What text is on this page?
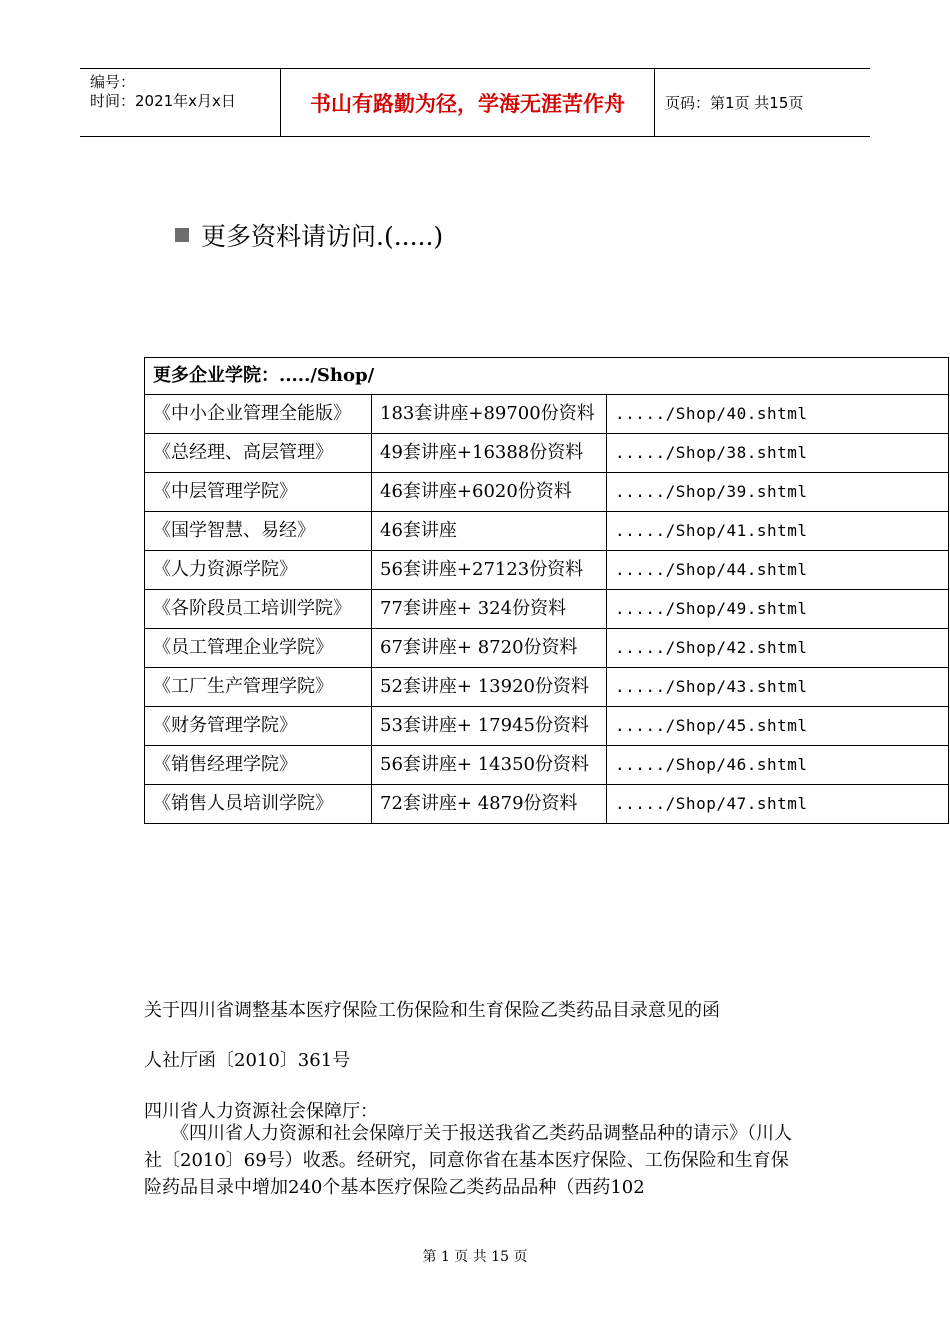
编号：
时间：2021年x月x日	书山有路勤为径，学海无涯苦作舟	页码：第1页 共15页
更多资料请访问.(.....)
更多企业学院：...../Shop/		
《中小企业管理全能版》	183套讲座+89700份资料	...../Shop/40.shtml
《总经理、高层管理》	49套讲座+16388份资料	...../Shop/38.shtml
《中层管理学院》	46套讲座+6020份资料	...../Shop/39.shtml
《国学智慧、易经》	46套讲座	...../Shop/41.shtml
《人力资源学院》	56套讲座+27123份资料	...../Shop/44.shtml
《各阶段员工培训学院》	77套讲座+ 324份资料	...../Shop/49.shtml
《员工管理企业学院》	67套讲座+ 8720份资料	...../Shop/42.shtml
《工厂生产管理学院》	52套讲座+ 13920份资料	...../Shop/43.shtml
《财务管理学院》	53套讲座+ 17945份资料	...../Shop/45.shtml
《销售经理学院》	56套讲座+ 14350份资料	...../Shop/46.shtml
《销售人员培训学院》	72套讲座+ 4879份资料	...../Shop/47.shtml
关于四川省调整基本医疗保险工伤保险和生育保险乙类药品目录意见的函
人社厅函〔2010〕361号
四川省人力资源社会保障厅：
　　《四川省人力资源和社会保障厅关于报送我省乙类药品调整品种的请示》（川人社〔2010〕69号）收悉。经研究，同意你省在基本医疗保险、工伤保险和生育保险药品目录中增加240个基本医疗保险乙类药品品种（西药102
第 1 页 共 15 页
